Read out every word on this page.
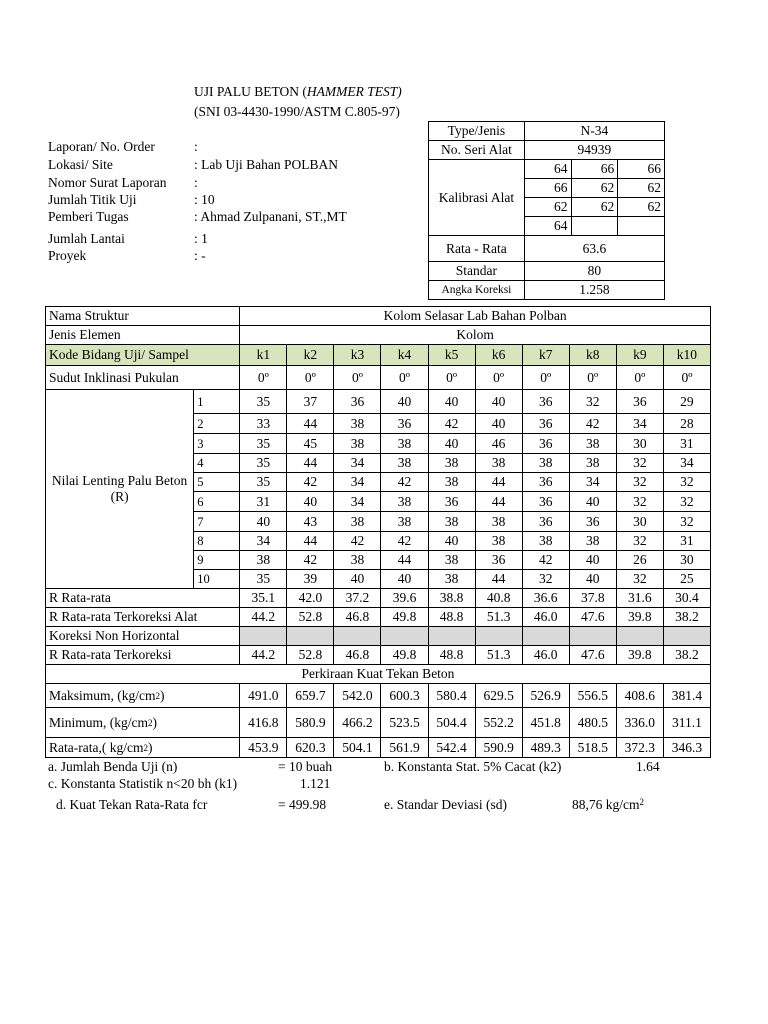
UJI PALU BETON (HAMMER TEST)
(SNI 03-4430-1990/ASTM C.805-97)
Laporan/ No. Order	:
Lokasi/ Site	: Lab Uji Bahan POLBAN
Nomor Surat Laporan :
Jumlah Titik Uji	: 10
Pemberi Tugas	: Ahmad Zulpanani, ST.,MT
Jumlah Lantai	: 1
Proyek	: -
Type/Jenis	N-34		
No. Seri Alat	94939		
Kalibrasi Alat	64	66	66
	66	62	62
	62	62	62
	64		
Rata - Rata	63.6		
Standar	80		
Angka Koreksi	1.258		
Nama Struktur		Kolom Selasar Lab Bahan Polban									
Jenis Elemen		Kolom									
Kode Bidang Uji/ Sampel		k1	k2	k3	k4	k5	k6	k7	k8	k9	k10
Sudut Inklinasi Pukulan		0º	0º	0º	0º	0º	0º	0º	0º	0º	0º
Nilai Lenting Palu Beton (R)	1	35	37	36	40	40	40	36	32	36	29
	2	33	44	38	36	42	40	36	42	34	28
	3	35	45	38	38	40	46	36	38	30	31
	4	35	44	34	38	38	38	38	38	32	34
	5	35	42	34	42	38	44	36	34	32	32
	6	31	40	34	38	36	44	36	40	32	32
	7	40	43	38	38	38	38	36	36	30	32
	8	34	44	42	42	40	38	38	38	32	31
	9	38	42	38	44	38	36	42	40	26	30
	10	35	39	40	40	38	44	32	40	32	25
R Rata-rata		35.1	42.0	37.2	39.6	38.8	40.8	36.6	37.8	31.6	30.4
R Rata-rata Terkoreksi Alat		44.2	52.8	46.8	49.8	48.8	51.3	46.0	47.6	39.8	38.2
Koreksi Non Horizontal											
R Rata-rata Terkoreksi		44.2	52.8	46.8	49.8	48.8	51.3	46.0	47.6	39.8	38.2
Perkiraan Kuat Tekan Beton											
Maksimum, $(kg/cm^2)$		491.0	659.7	542.0	600.3	580.4	629.5	526.9	556.5	408.6	381.4
Minimum, $(kg/cm^2)$		416.8	580.9	466.2	523.5	504.4	552.2	451.8	480.5	336.0	311.1
Rata-rata,( $kg/cm^2$)		453.9	620.3	504.1	561.9	542.4	590.9	489.3	518.5	372.3	346.3
a. Jumlah Benda Uji (n)	= 10 buah	b. Konstanta Stat. 5% Cacat (k2)	1.64
c. Konstanta Statistik n<20 bh (k1)	1.121
d. Kuat Tekan Rata-Rata fcr	= 499.98	e. Standar Deviasi (sd)	88,76 $kg/cm^2$
